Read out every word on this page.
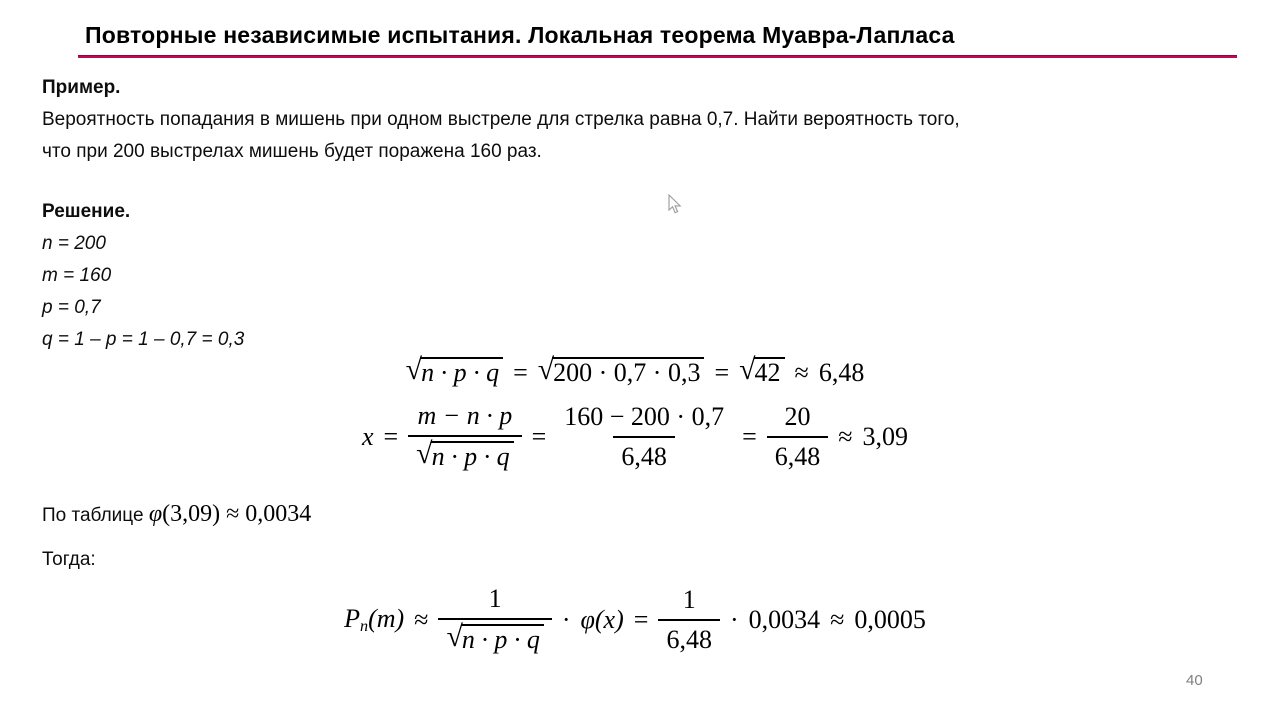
Повторные независимые испытания. Локальная теорема Муавра-Лапласа
Пример.
Вероятность попадания в мишень при одном выстреле для стрелка равна 0,7. Найти вероятность того,
что при 200 выстрелах мишень будет поражена 160 раз.
Решение.
n = 200
m = 160
p = 0,7
q = 1 – p = 1 – 0,7 = 0,3
√ n · p · q = √ 200 · 0,7 · 0,3 = √ 42 ≈ 6,48
$x = \frac{m - n \cdot p}{√ n \cdot p \cdot q} = \frac{160 - 200 \cdot 0,7}{6,48} = \frac{20}{6,48} \approx 3,09$
По таблице φ(3,09) ≈ 0,0034
Тогда:
$P_n(m) \approx \frac{1}{√ n \cdot p \cdot q} \cdot \varphi(x) = \frac{1}{6,48} \cdot 0,0034 \approx 0,0005$
40
